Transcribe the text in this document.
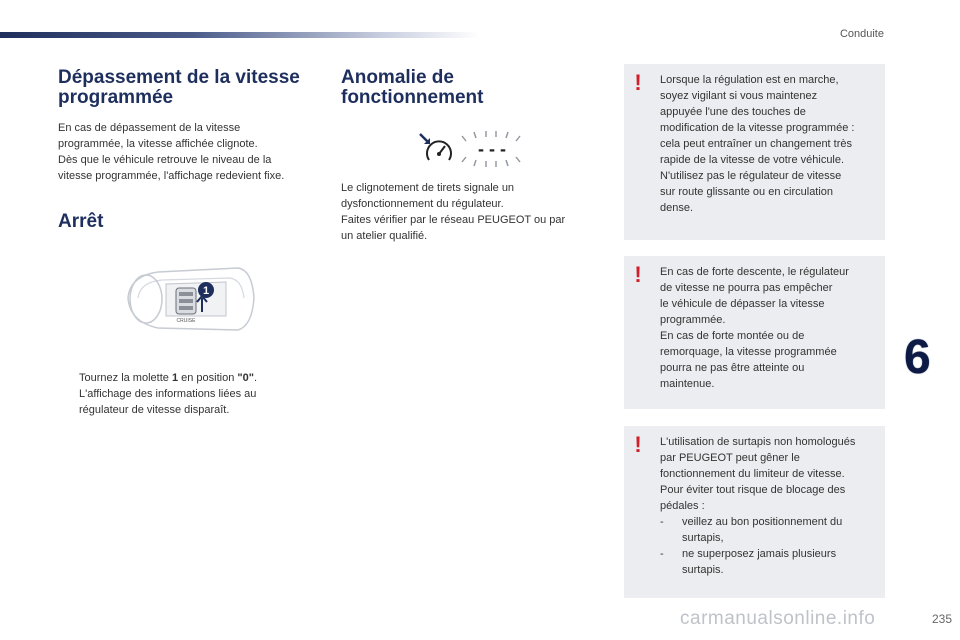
Conduite
6
235
Dépassement de la vitesse
programmée

En cas de dépassement de la vitesse
programmée, la vitesse affichée clignote.
Dès que le véhicule retrouve le niveau de la
vitesse programmée, l'affichage redevient fixe.

Arrêt
1
CRUISE
Tournez la molette 1 en position "0".
L'affichage des informations liées au
régulateur de vitesse disparaît.
Anomalie de
fonctionnement
- - -

Le clignotement de tirets signale un
dysfonctionnement du régulateur.
Faites vérifier par le réseau PEUGEOT ou par
un atelier qualifié.

! Lorsque la régulation est en marche,
soyez vigilant si vous maintenez
appuyée l'une des touches de
modification de la vitesse programmée :
cela peut entraîner un changement très
rapide de la vitesse de votre véhicule.
N'utilisez pas le régulateur de vitesse
sur route glissante ou en circulation
dense.

! En cas de forte descente, le régulateur
de vitesse ne pourra pas empêcher
le véhicule de dépasser la vitesse
programmée.
En cas de forte montée ou de
remorquage, la vitesse programmée
pourra ne pas être atteinte ou
maintenue.

! L'utilisation de surtapis non homologués
par PEUGEOT peut gêner le
fonctionnement du limiteur de vitesse.
Pour éviter tout risque de blocage des
pédales :
- veillez au bon positionnement du
surtapis,
- ne superposez jamais plusieurs
surtapis.
carmanualsonline.info
